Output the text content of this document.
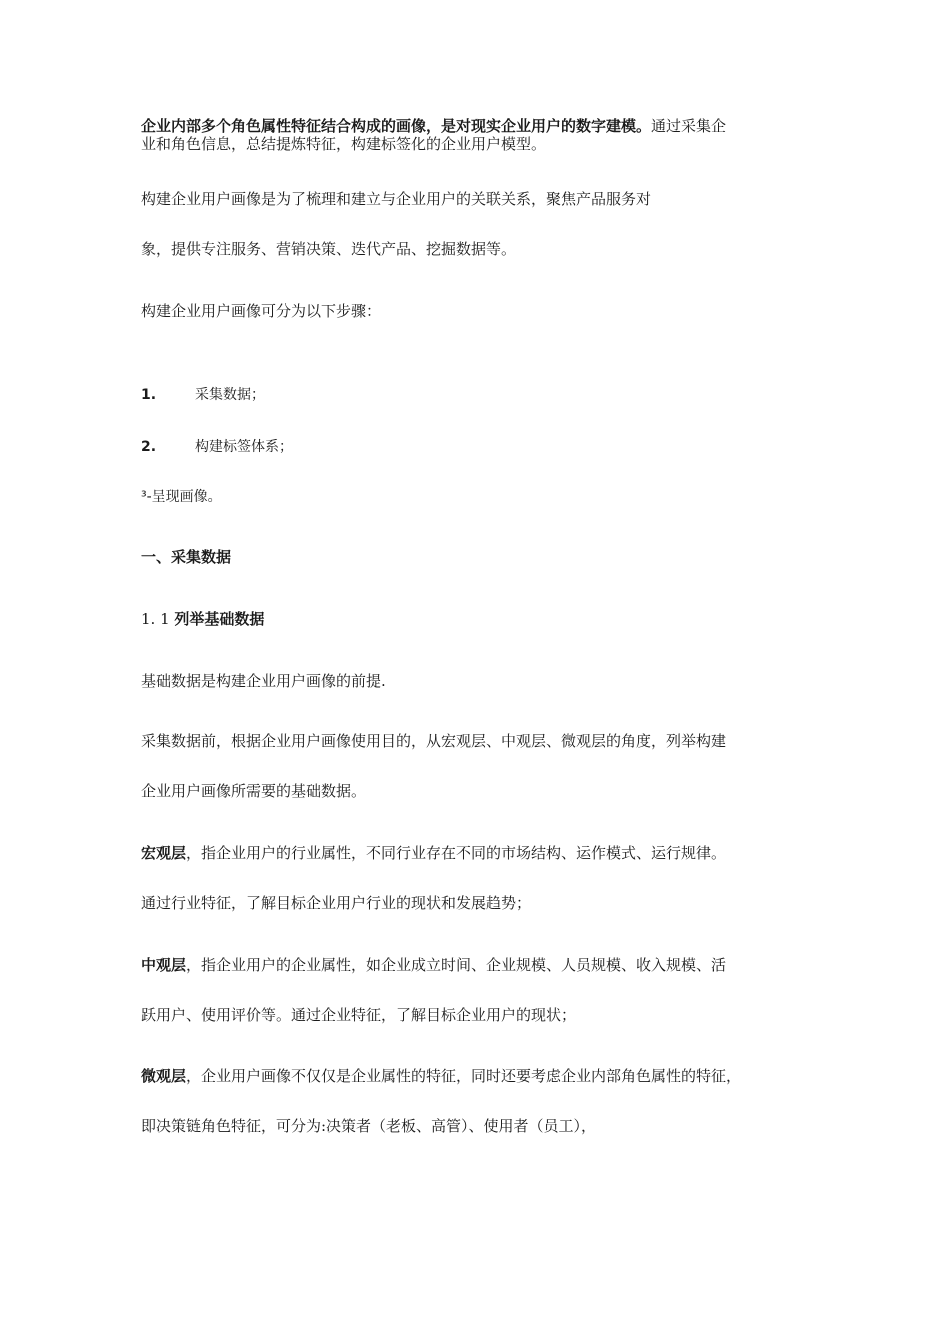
企业内部多个角色属性特征结合构成的画像，是对现实企业用户的数字建模。通过采集企
业和角色信息，总结提炼特征，构建标签化的企业用户模型。
构建企业用户画像是为了梳理和建立与企业用户的关联关系，聚焦产品服务对
象，提供专注服务、营销决策、迭代产品、挖掘数据等。
构建企业用户画像可分为以下步骤：
1.	采集数据；
2.	构建标签体系；
³-呈现画像。
一、采集数据
1. 1 列举基础数据
基础数据是构建企业用户画像的前提.
采集数据前，根据企业用户画像使用目的，从宏观层、中观层、微观层的角度，列举构建
企业用户画像所需要的基础数据。
宏观层，指企业用户的行业属性，不同行业存在不同的市场结构、运作模式、运行规律。
通过行业特征，了解目标企业用户行业的现状和发展趋势；
中观层，指企业用户的企业属性，如企业成立时间、企业规模、人员规模、收入规模、活
跃用户、使用评价等。通过企业特征，了解目标企业用户的现状；
微观层，企业用户画像不仅仅是企业属性的特征，同时还要考虑企业内部角色属性的特征，
即决策链角色特征，可分为:决策者（老板、高管）、使用者（员工），
